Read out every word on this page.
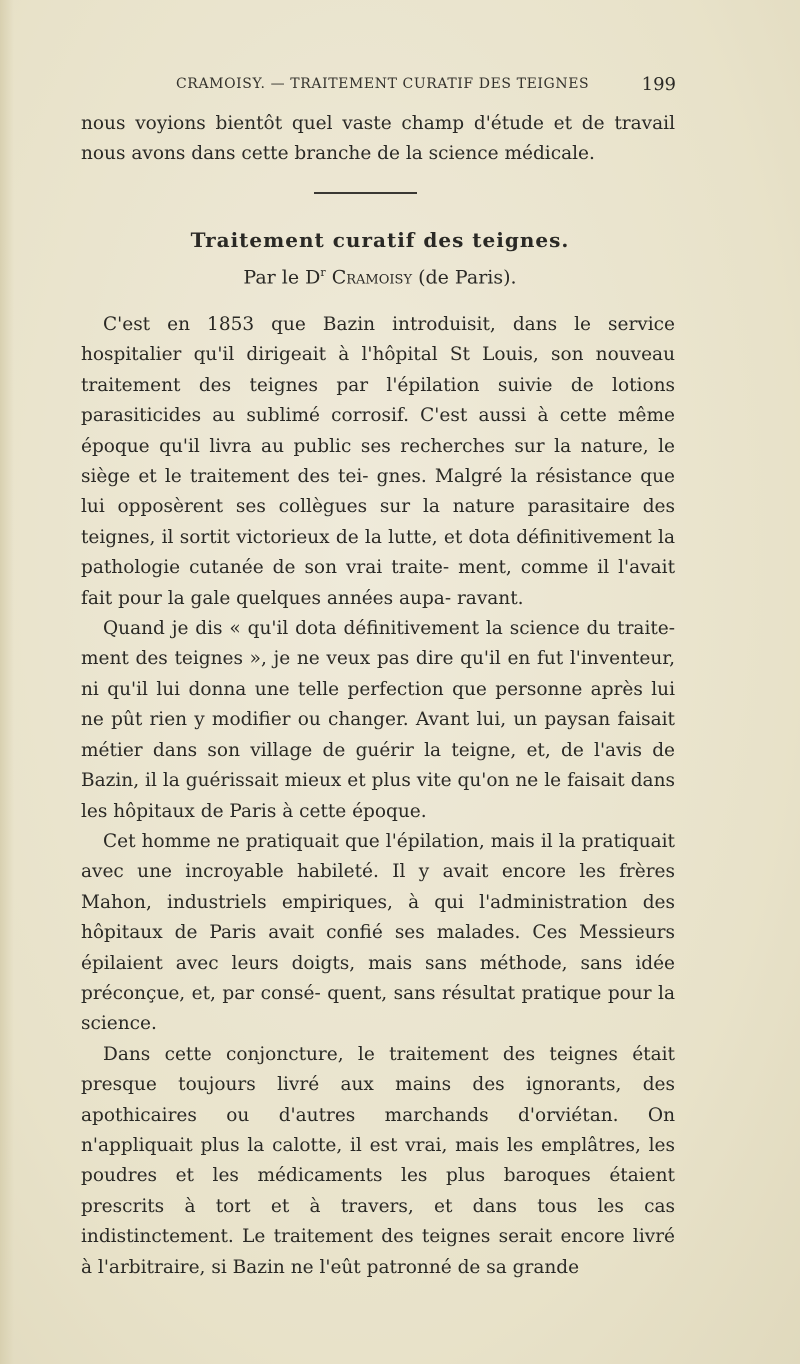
CRAMOISY. — TRAITEMENT CURATIF DES TEIGNES	199

nous voyions bientôt quel vaste champ d'étude et de travail nous avons dans cette branche de la science médicale.

Traitement curatif des teignes.
Par le $D^r$ Cramoisy (de Paris).

C'est en 1853 que Bazin introduisit, dans le service hospitalier qu'il dirigeait à l'hôpital St Louis, son nouveau traitement des teignes par l'épilation suivie de lotions parasiticides au sublimé corrosif. C'est aussi à cette même époque qu'il livra au public ses recherches sur la nature, le siège et le traitement des tei- gnes. Malgré la résistance que lui opposèrent ses collègues sur la nature parasitaire des teignes, il sortit victorieux de la lutte, et dota définitivement la pathologie cutanée de son vrai traite- ment, comme il l'avait fait pour la gale quelques années aupa- ravant.

Quand je dis « qu'il dota définitivement la science du traite- ment des teignes », je ne veux pas dire qu'il en fut l'inventeur, ni qu'il lui donna une telle perfection que personne après lui ne pût rien y modifier ou changer. Avant lui, un paysan faisait métier dans son village de guérir la teigne, et, de l'avis de Bazin, il la guérissait mieux et plus vite qu'on ne le faisait dans les hôpitaux de Paris à cette époque.

Cet homme ne pratiquait que l'épilation, mais il la pratiquait avec une incroyable habileté. Il y avait encore les frères Mahon, industriels empiriques, à qui l'administration des hôpitaux de Paris avait confié ses malades. Ces Messieurs épilaient avec leurs doigts, mais sans méthode, sans idée préconçue, et, par consé- quent, sans résultat pratique pour la science.

Dans cette conjoncture, le traitement des teignes était presque toujours livré aux mains des ignorants, des apothicaires ou d'autres marchands d'orviétan. On n'appliquait plus la calotte, il est vrai, mais les emplâtres, les poudres et les médicaments les plus baroques étaient prescrits à tort et à travers, et dans tous les cas indistinctement. Le traitement des teignes serait encore livré à l'arbitraire, si Bazin ne l'eût patronné de sa grande
